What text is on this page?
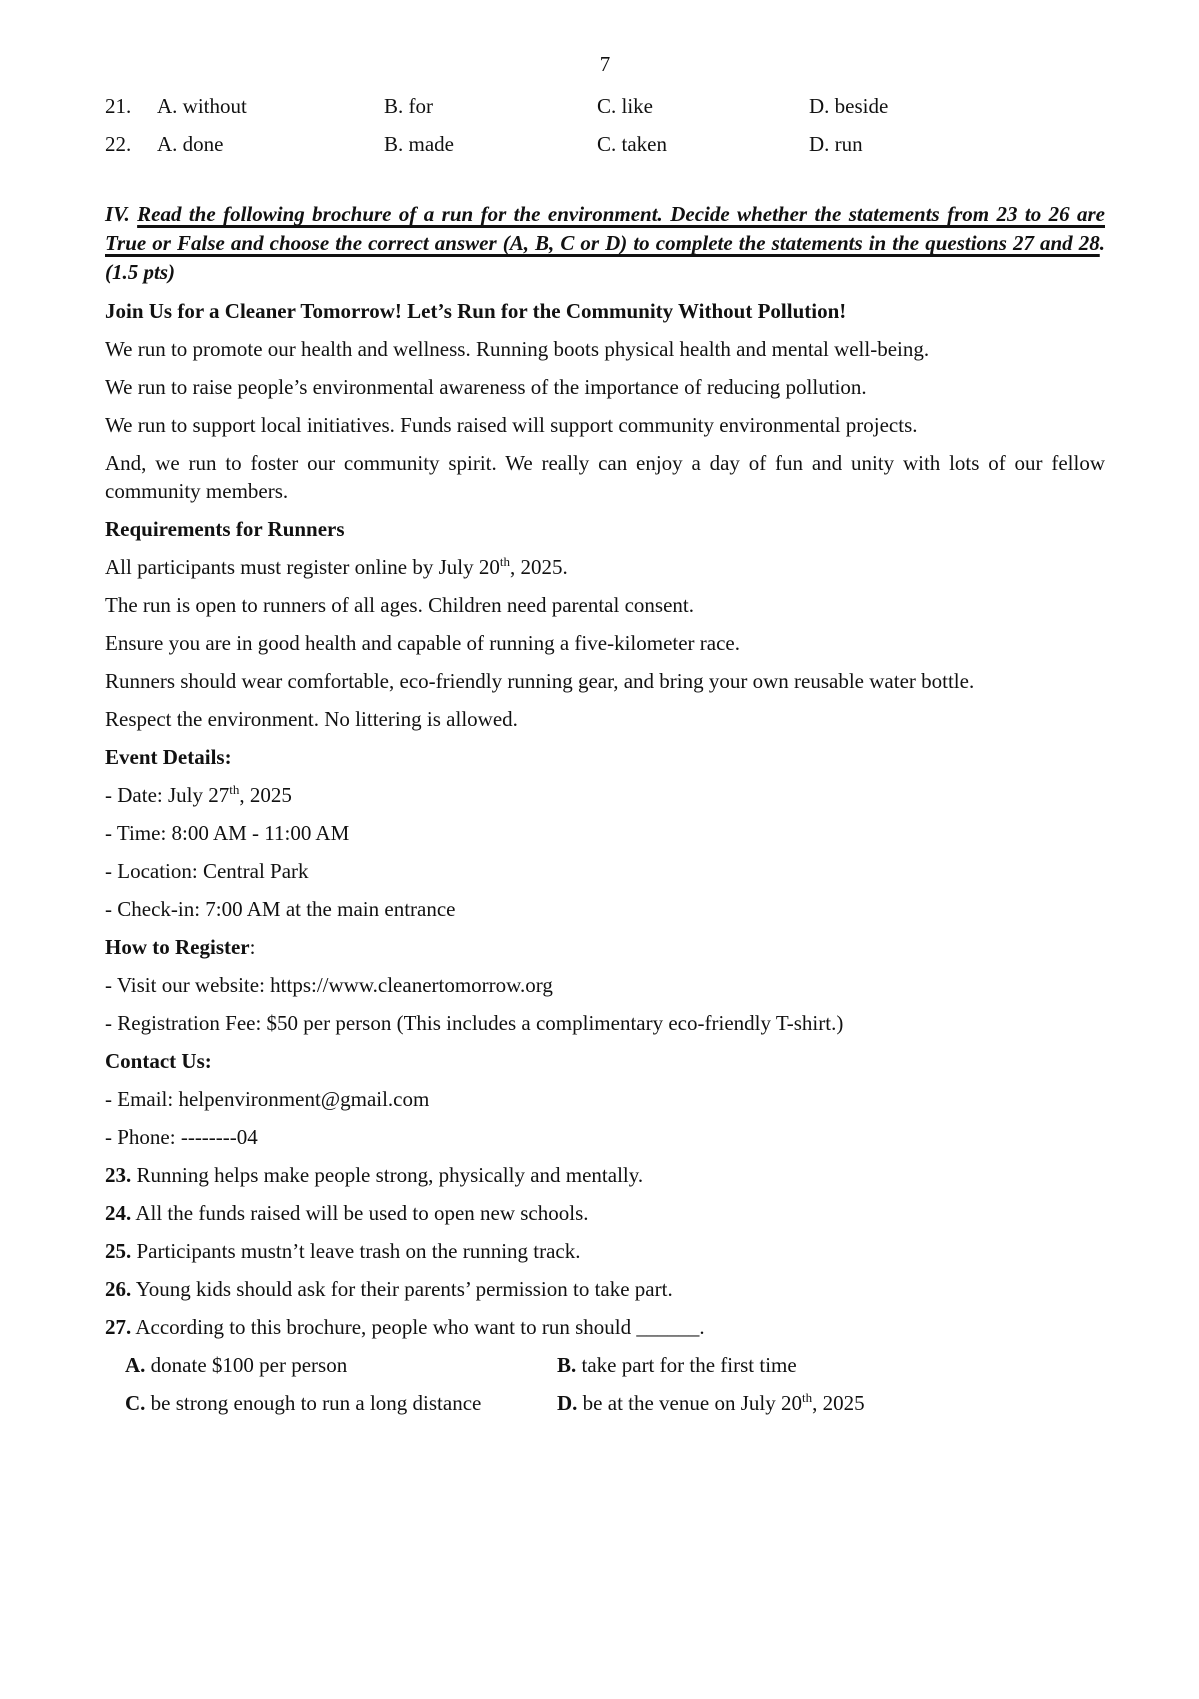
7
21.	A. without	B. for	C. like	D. beside
22.	A. done	B. made	C. taken	D. run

IV. Read the following brochure of a run for the environment. Decide whether the statements from 23 to 26 are True or False and choose the correct answer (A, B, C or D) to complete the statements in the questions 27 and 28. (1.5 pts)

Join Us for a Cleaner Tomorrow! Let’s Run for the Community Without Pollution!

We run to promote our health and wellness. Running boots physical health and mental well-being.

We run to raise people’s environmental awareness of the importance of reducing pollution.

We run to support local initiatives. Funds raised will support community environmental projects.

And, we run to foster our community spirit. We really can enjoy a day of fun and unity with lots of our fellow community members.

Requirements for Runners

All participants must register online by July 20th, 2025.

The run is open to runners of all ages. Children need parental consent.

Ensure you are in good health and capable of running a five-kilometer race.

Runners should wear comfortable, eco-friendly running gear, and bring your own reusable water bottle.

Respect the environment. No littering is allowed.

Event Details:

- Date: July 27th, 2025

- Time: 8:00 AM - 11:00 AM

- Location: Central Park

- Check-in: 7:00 AM at the main entrance

How to Register:

- Visit our website: https://www.cleanertomorrow.org

- Registration Fee: $50 per person (This includes a complimentary eco-friendly T-shirt.)

Contact Us:

- Email: helpenvironment@gmail.com

- Phone: --------04

23. Running helps make people strong, physically and mentally.

24. All the funds raised will be used to open new schools.

25. Participants mustn’t leave trash on the running track.

26. Young kids should ask for their parents’ permission to take part.

27. According to this brochure, people who want to run should ______.

A. donate $100 per person	B. take part for the first time
C. be strong enough to run a long distance	D. be at the venue on July 20th, 2025
